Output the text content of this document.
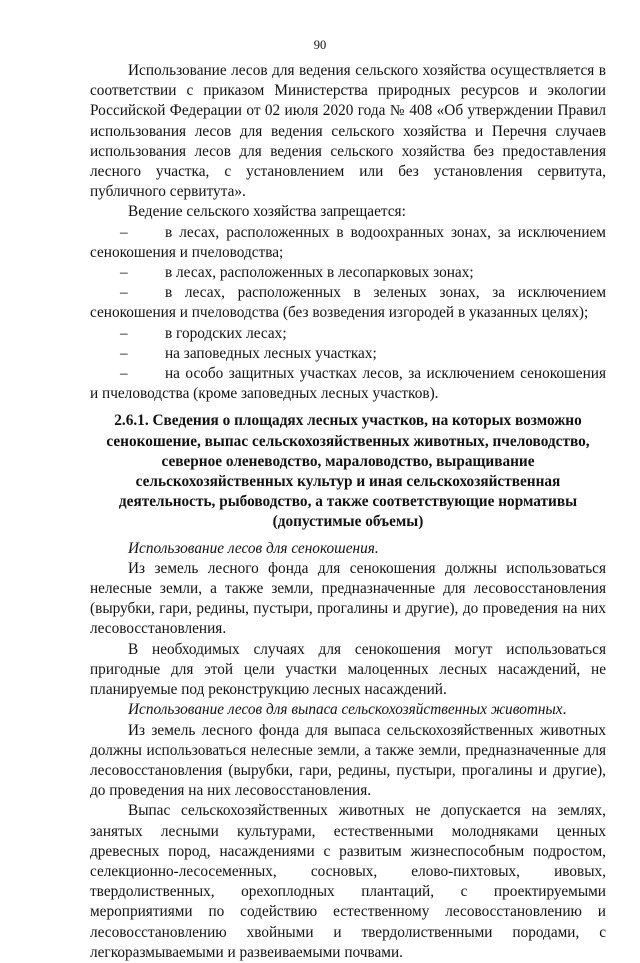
90

Использование лесов для ведения сельского хозяйства осуществляется в соответствии с приказом Министерства природных ресурсов и экологии Российской Федерации от 02 июля 2020 года № 408 «Об утверждении Правил использования лесов для ведения сельского хозяйства и Перечня случаев использования лесов для ведения сельского хозяйства без предоставления лесного участка, с установлением или без установления сервитута, публичного сервитута».

Ведение сельского хозяйства запрещается:

– в лесах, расположенных в водоохранных зонах, за исключением сенокошения и пчеловодства;

– в лесах, расположенных в лесопарковых зонах;

– в лесах, расположенных в зеленых зонах, за исключением сенокошения и пчеловодства (без возведения изгородей в указанных целях);

– в городских лесах;

– на заповедных лесных участках;

– на особо защитных участках лесов, за исключением сенокошения и пчеловодства (кроме заповедных лесных участков).

2.6.1. Сведения о площадях лесных участков, на которых возможно сенокошение, выпас сельскохозяйственных животных, пчеловодство, северное оленеводство, мараловодство, выращивание сельскохозяйственных культур и иная сельскохозяйственная деятельность, рыбоводство, а также соответствующие нормативы (допустимые объемы)

Использование лесов для сенокошения.

Из земель лесного фонда для сенокошения должны использоваться нелесные земли, а также земли, предназначенные для лесовосстановления (вырубки, гари, редины, пустыри, прогалины и другие), до проведения на них лесовосстановления.

В необходимых случаях для сенокошения могут использоваться пригодные для этой цели участки малоценных лесных насаждений, не планируемые под реконструкцию лесных насаждений.

Использование лесов для выпаса сельскохозяйственных животных.

Из земель лесного фонда для выпаса сельскохозяйственных животных должны использоваться нелесные земли, а также земли, предназначенные для лесовосстановления (вырубки, гари, редины, пустыри, прогалины и другие), до проведения на них лесовосстановления.

Выпас сельскохозяйственных животных не допускается на землях, занятых лесными культурами, естественными молодняками ценных древесных пород, насаждениями с развитым жизнеспособным подростом, селекционно-лесосеменных, сосновых, елово-пихтовых, ивовых, твердолиственных, орехоплодных плантаций, с проектируемыми мероприятиями по содействию естественному лесовосстановлению и лесовосстановлению хвойными и твердолиственными породами, с легкоразмываемыми и развеиваемыми почвами.
